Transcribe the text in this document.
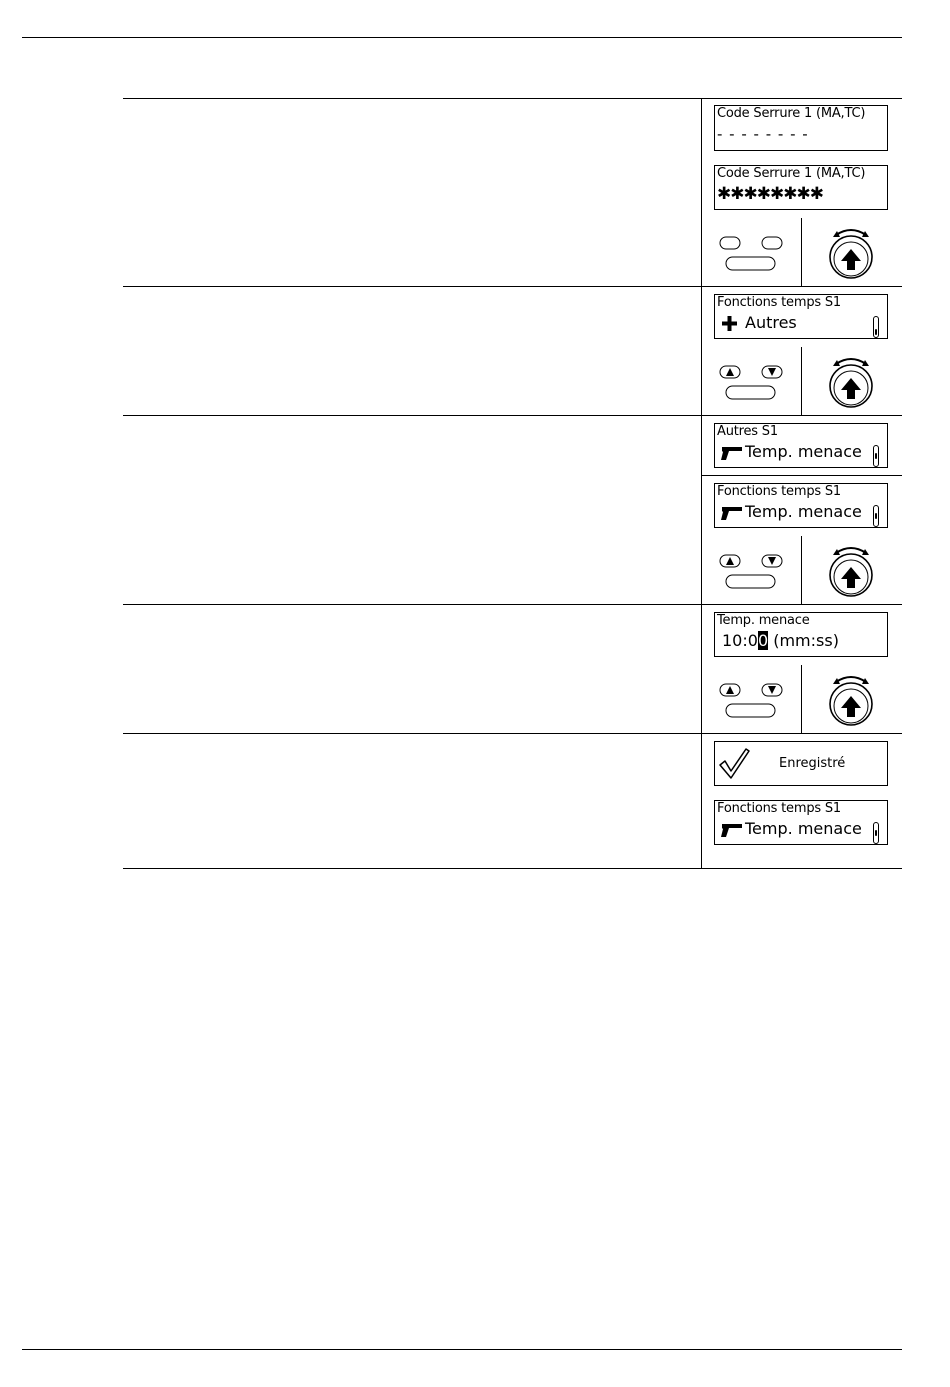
Code Serrure 1 (MA,TC)
- - - - - - - -
Code Serrure 1 (MA,TC)
✱✱✱✱✱✱✱✱
Fonctions temps S1
Autres
Autres S1
Temp. menace
Fonctions temps S1
Temp. menace
Temp. menace
10:00 (mm:ss)
Enregistré
Fonctions temps S1
Temp. menace
